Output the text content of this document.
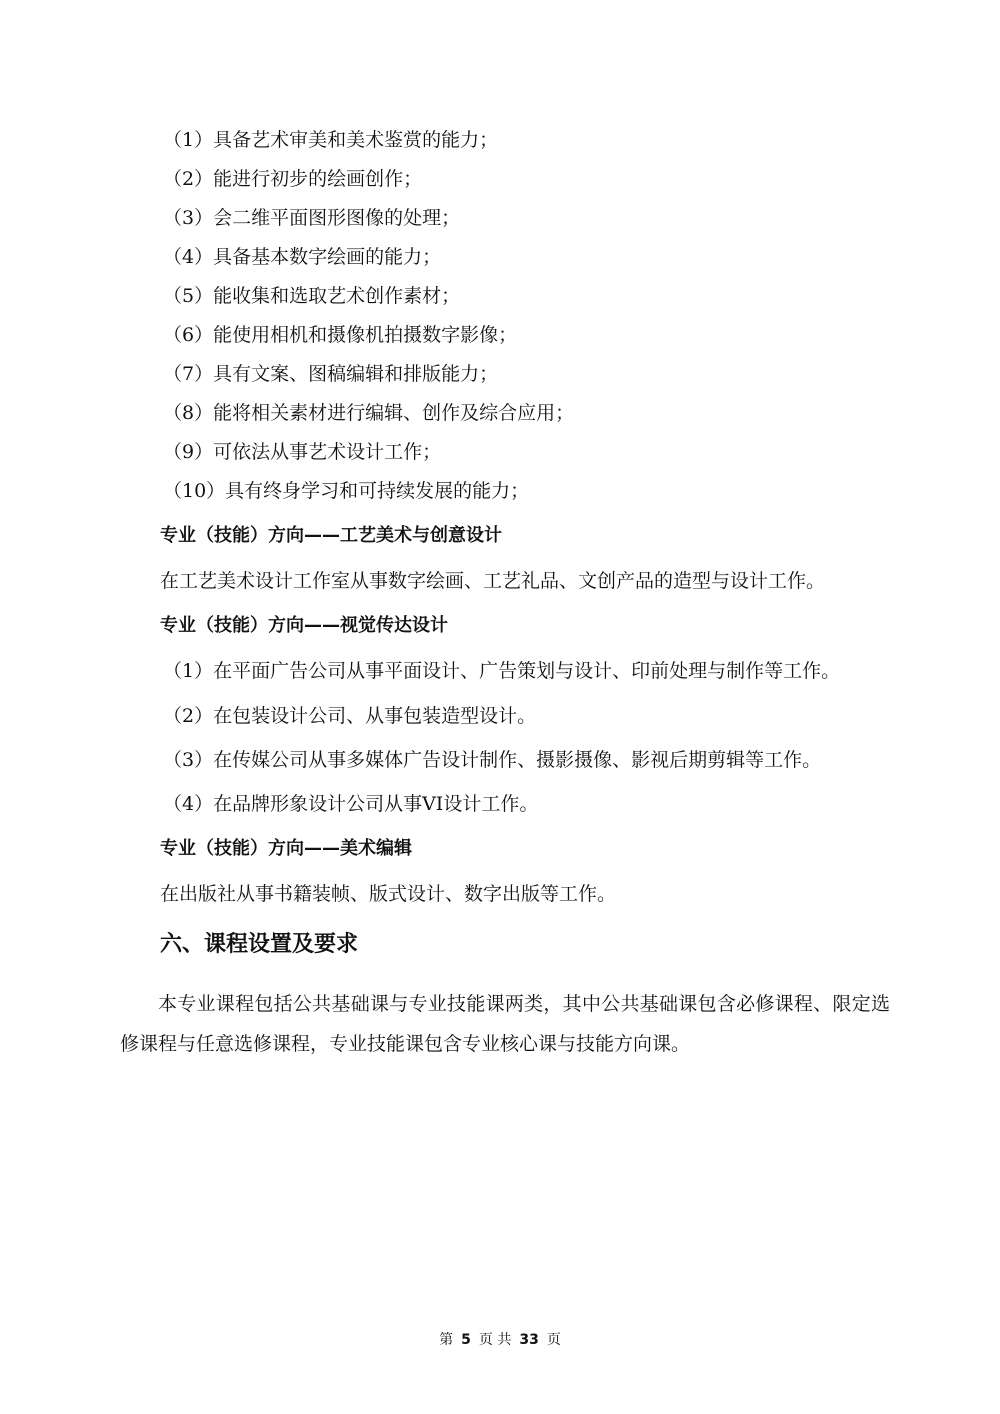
（1）具备艺术审美和美术鉴赏的能力；
（2）能进行初步的绘画创作；
（3）会二维平面图形图像的处理；
（4）具备基本数字绘画的能力；
（5）能收集和选取艺术创作素材；
（6）能使用相机和摄像机拍摄数字影像；
（7）具有文案、图稿编辑和排版能力；
（8）能将相关素材进行编辑、创作及综合应用；
（9）可依法从事艺术设计工作；
（10）具有终身学习和可持续发展的能力；
专业（技能）方向——工艺美术与创意设计
在工艺美术设计工作室从事数字绘画、工艺礼品、文创产品的造型与设计工作。
专业（技能）方向——视觉传达设计
（1）在平面广告公司从事平面设计、广告策划与设计、印前处理与制作等工作。
（2）在包装设计公司、从事包装造型设计。
（3）在传媒公司从事多媒体广告设计制作、摄影摄像、影视后期剪辑等工作。
（4）在品牌形象设计公司从事VI设计工作。
专业（技能）方向——美术编辑
在出版社从事书籍装帧、版式设计、数字出版等工作。
六、课程设置及要求
本专业课程包括公共基础课与专业技能课两类，其中公共基础课包含必修课程、限定选修课程与任意选修课程，专业技能课包含专业核心课与技能方向课。
第 5 页 共 33 页
